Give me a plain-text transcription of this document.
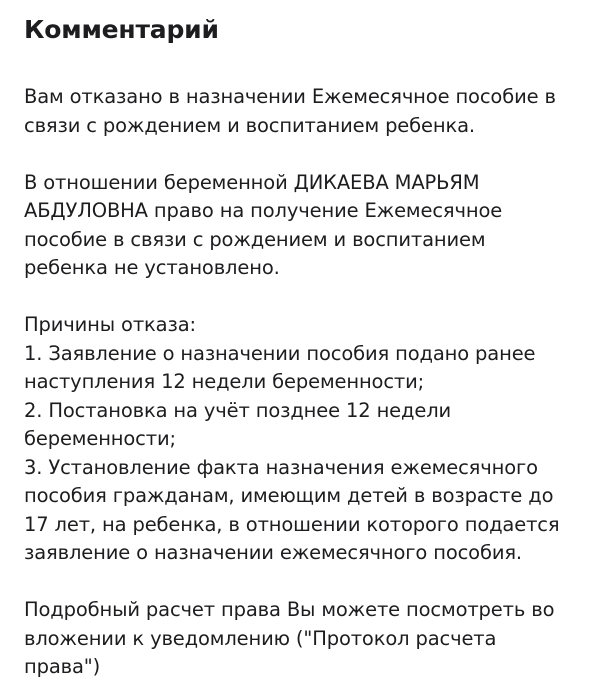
Комментарий

Вам отказано в назначении Ежемесячное пособие в
связи с рождением и воспитанием ребенка.

В отношении беременной ДИКАЕВА МАРЬЯМ
АБДУЛОВНА право на получение Ежемесячное
пособие в связи с рождением и воспитанием
ребенка не установлено.

Причины отказа:
1. Заявление о назначении пособия подано ранее
наступления 12 недели беременности;
2. Постановка на учёт позднее 12 недели
беременности;
3. Установление факта назначения ежемесячного
пособия гражданам, имеющим детей в возрасте до
17 лет, на ребенка, в отношении которого подается
заявление о назначении ежемесячного пособия.

Подробный расчет права Вы можете посмотреть во
вложении к уведомлению ("Протокол расчета
права")
